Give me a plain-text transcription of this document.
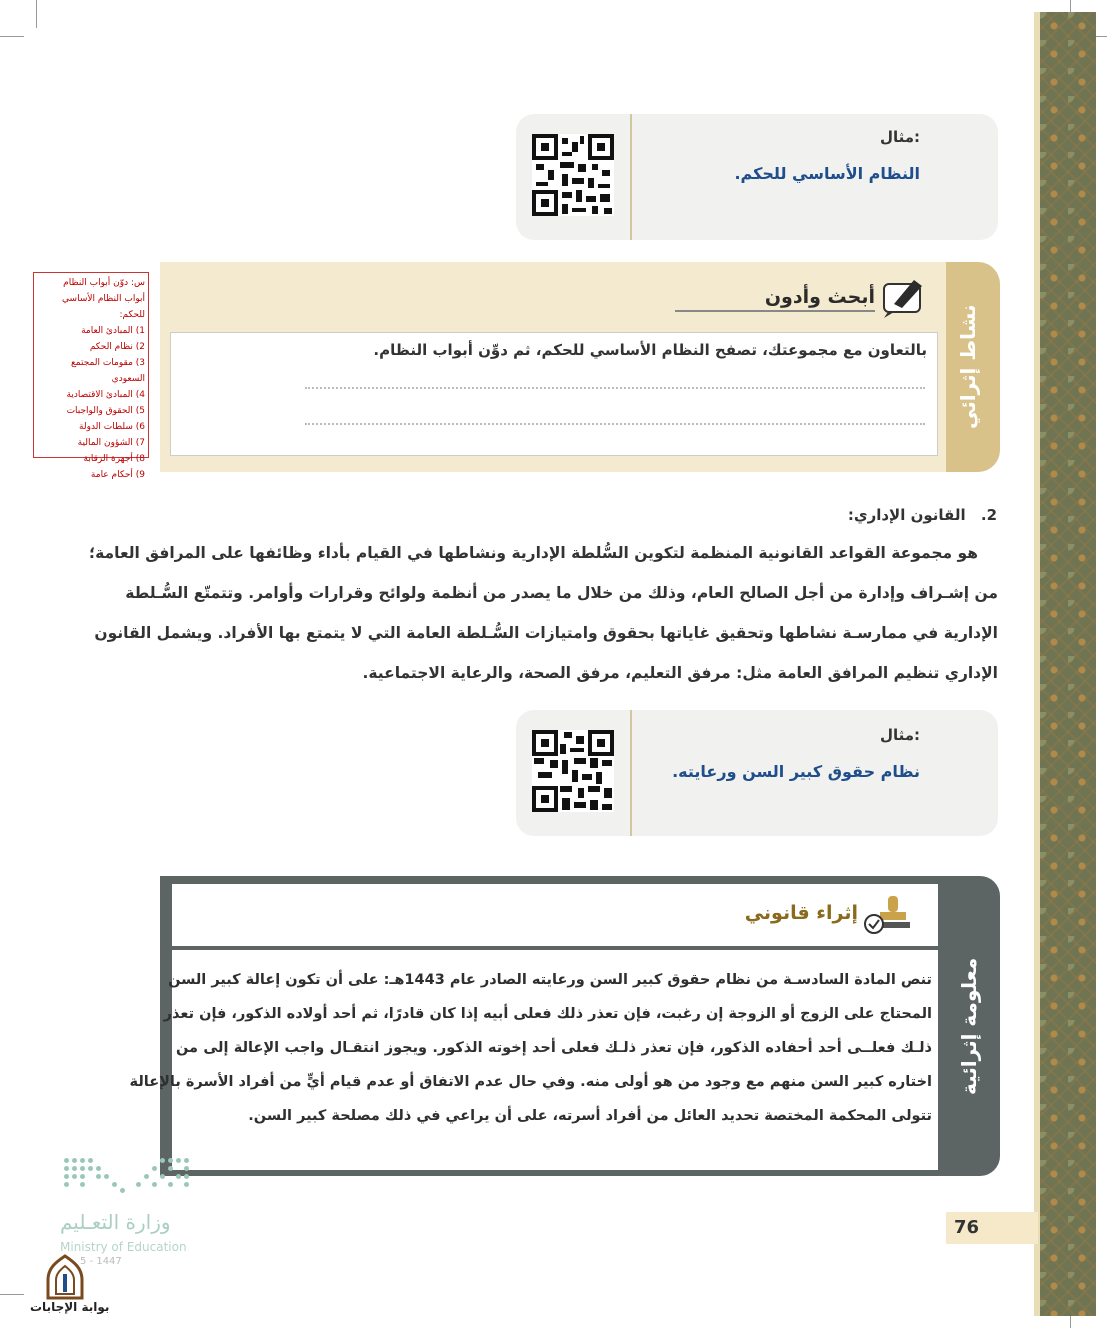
مثال:
النظام الأساسي للحكم.
س: دوّن أبواب النظام
أبواب النظام الأساسي للحكم:
1) المبادئ العامة
2) نظام الحكم
3) مقومات المجتمع السعودي
4) المبادئ الاقتصادية
5) الحقوق والواجبات
6) سلطات الدولة
7) الشؤون المالية
8) أجهزة الرقابة
9) أحكام عامة
نشاط إثرائي
أبحث وأدون
بالتعاون مع مجموعتك، تصفح النظام الأساسي للحكم، ثم دوِّن أبواب النظام.
2. القانون الإداري:
هو مجموعة القواعد القانونية المنظمة لتكوين السُّلطة الإدارية ونشاطها في القيام بأداء وظائفها على المرافق العامة؛
من إشـراف وإدارة من أجل الصالح العام، وذلك من خلال ما يصدر من أنظمة ولوائح وقرارات وأوامر. وتتمتّع السُّـلطة
الإدارية في ممارسـة نشاطها وتحقيق غاياتها بحقوق وامتيازات السُّـلطة العامة التي لا يتمتع بها الأفراد. ويشمل القانون
الإداري تنظيم المرافق العامة مثل: مرفق التعليم، مرفق الصحة، والرعاية الاجتماعية.
مثال:
نظام حقوق كبير السن ورعايته.
معلومة إثرائية
إثراء قانوني
تنص المادة السادسـة من نظام حقوق كبير السن ورعايته الصادر عام 1443هـ: على أن تكون إعالة كبير السن
المحتاج على الزوج أو الزوجة إن رغبت، فإن تعذر ذلك فعلى أبيه إذا كان قادرًا، ثم أحد أولاده الذكور، فإن تعذر
ذلـك فعلــى أحد أحفاده الذكور، فإن تعذر ذلـك فعلى أحد إخوته الذكور. ويجوز انتقـال واجب الإعالة إلى من
اختاره كبير السن منهم مع وجود من هو أولى منه. وفي حال عدم الاتفاق أو عدم قيام أيٍّ من أفراد الأسرة بالإعالة
تتولى المحكمة المختصة تحديد العائل من أفراد أسرته، على أن يراعي في ذلك مصلحة كبير السن.
76
وزارة التعـليم
Ministry of Education
5 - 1447
بوابة الإجابات
